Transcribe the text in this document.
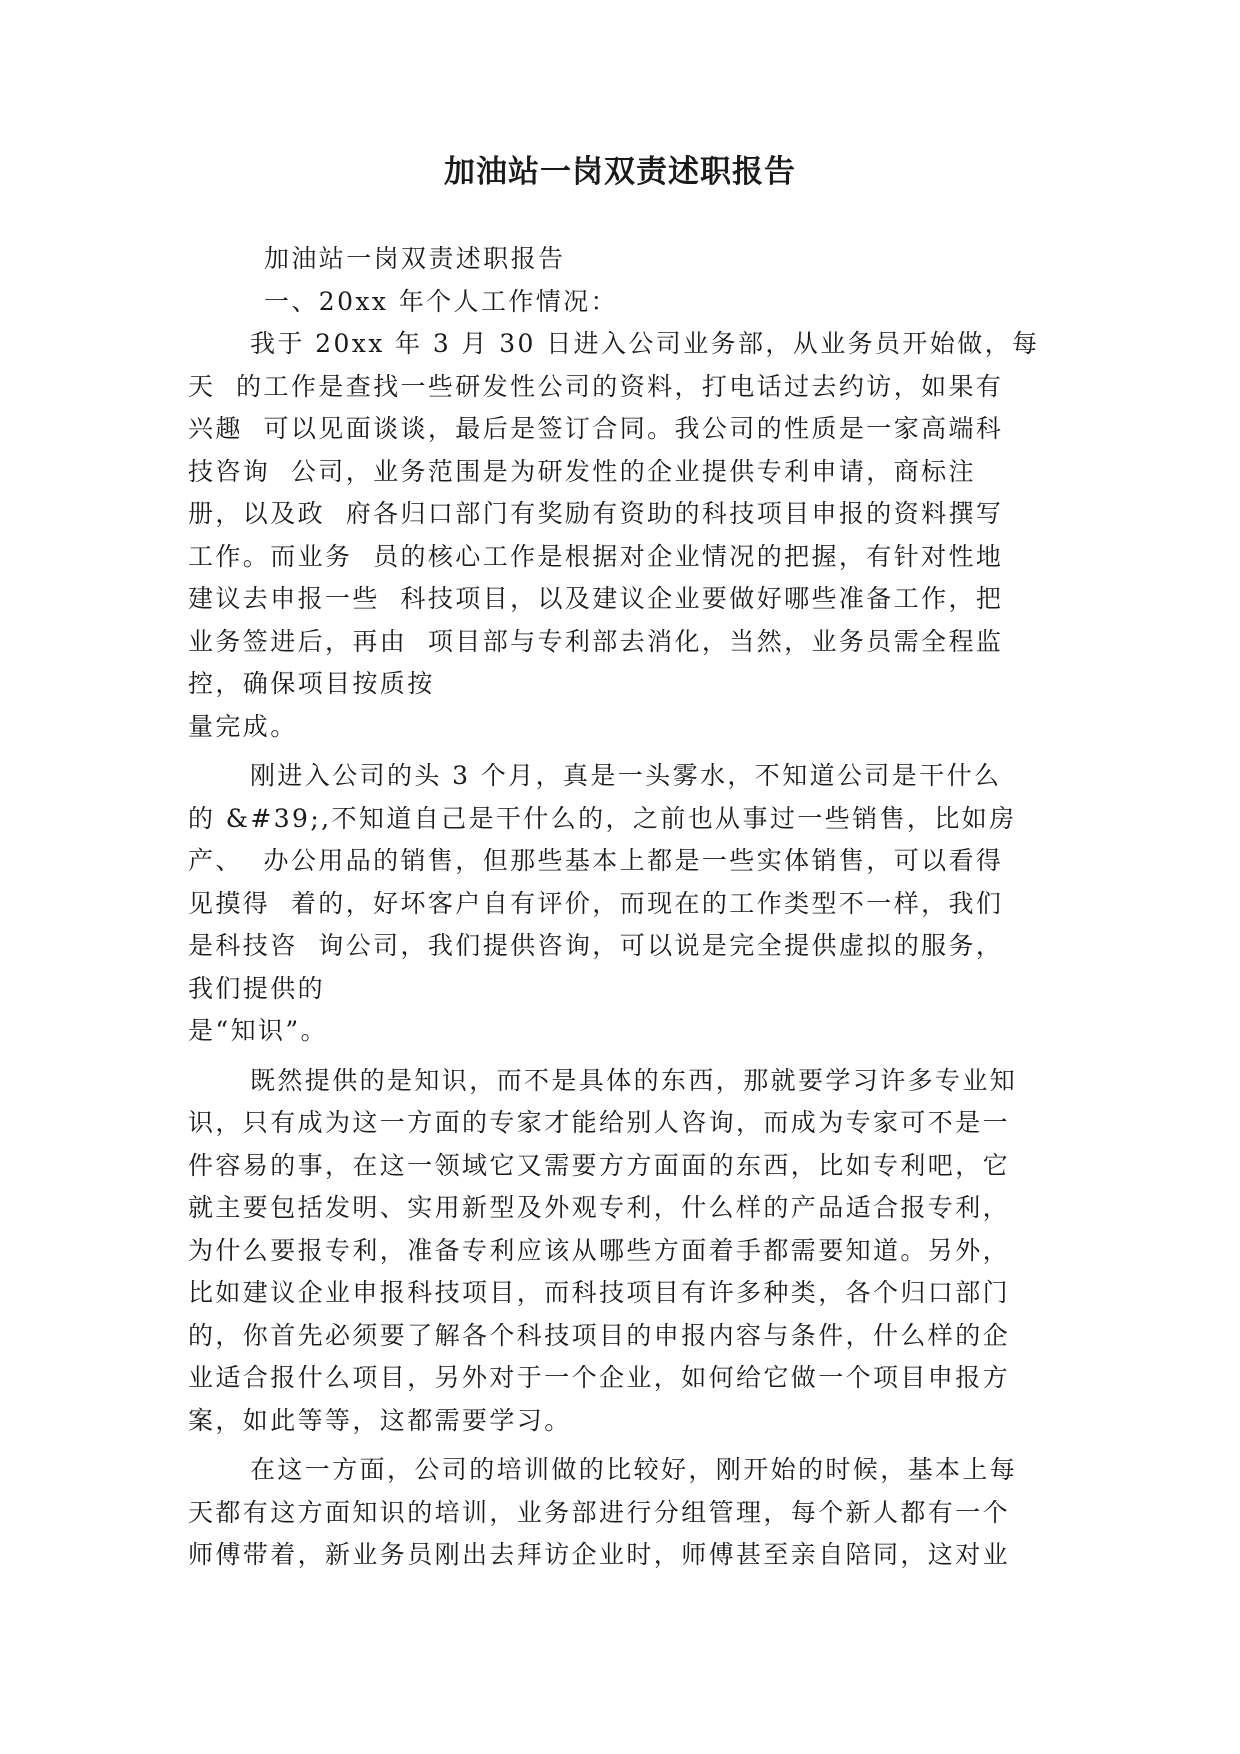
加油站一岗双责述职报告
加油站一岗双责述职报告
一、20xx 年个人工作情况：
我于 20xx 年 3 月 30 日进入公司业务部，从业务员开始做，每
天  的工作是查找一些研发性公司的资料，打电话过去约访，如果有
兴趣  可以见面谈谈，最后是签订合同。我公司的性质是一家高端科
技咨询  公司，业务范围是为研发性的企业提供专利申请，商标注
册，以及政  府各归口部门有奖励有资助的科技项目申报的资料撰写
工作。而业务  员的核心工作是根据对企业情况的把握，有针对性地
建议去申报一些  科技项目，以及建议企业要做好哪些准备工作，把
业务签进后，再由  项目部与专利部去消化，当然，业务员需全程监
控，确保项目按质按
量完成。
刚进入公司的头 3 个月，真是一头雾水，不知道公司是干什么
的 &#39;,不知道自己是干什么的，之前也从事过一些销售，比如房
产、  办公用品的销售，但那些基本上都是一些实体销售，可以看得
见摸得  着的，好坏客户自有评价，而现在的工作类型不一样，我们
是科技咨  询公司，我们提供咨询，可以说是完全提供虚拟的服务，
我们提供的
是“知识”。
既然提供的是知识，而不是具体的东西，那就要学习许多专业知
识，只有成为这一方面的专家才能给别人咨询，而成为专家可不是一
件容易的事，在这一领域它又需要方方面面的东西，比如专利吧，它
就主要包括发明、实用新型及外观专利，什么样的产品适合报专利，
为什么要报专利，准备专利应该从哪些方面着手都需要知道。另外，
比如建议企业申报科技项目，而科技项目有许多种类，各个归口部门
的，你首先必须要了解各个科技项目的申报内容与条件，什么样的企
业适合报什么项目，另外对于一个企业，如何给它做一个项目申报方
案，如此等等，这都需要学习。
在这一方面，公司的培训做的比较好，刚开始的时候，基本上每
天都有这方面知识的培训，业务部进行分组管理，每个新人都有一个
师傅带着，新业务员刚出去拜访企业时，师傅甚至亲自陪同，这对业
